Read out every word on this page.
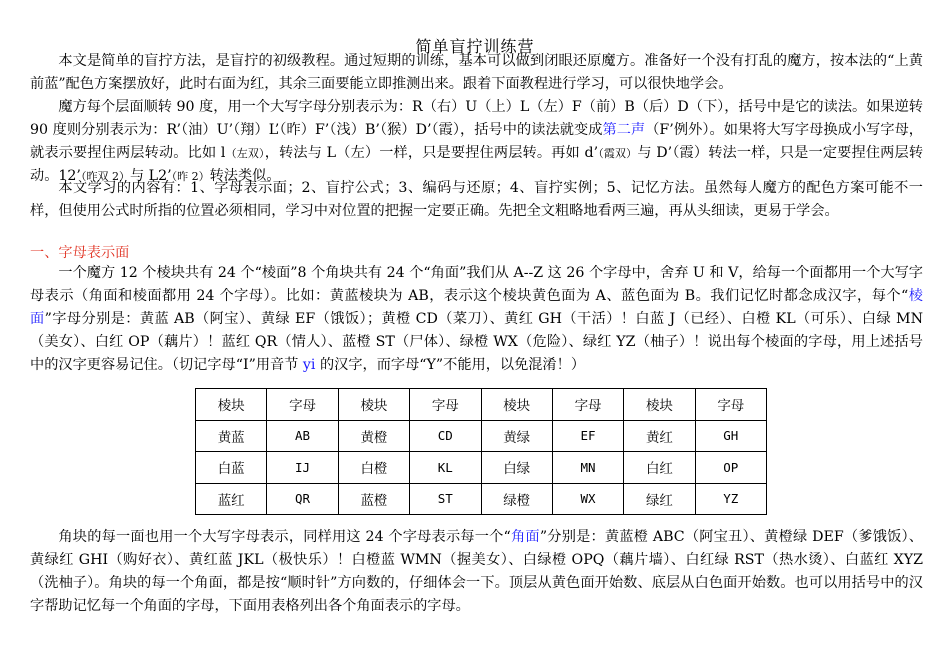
简单盲拧训练营
本文是简单的盲拧方法，是盲拧的初级教程。通过短期的训练，基本可以做到闭眼还原魔方。准备好一个没有打乱的魔方，按本法的“上黄前蓝”配色方案摆放好，此时右面为红，其余三面要能立即推测出来。跟着下面教程进行学习，可以很快地学会。
魔方每个层面顺转 90 度，用一个大写字母分别表示为：R（右）U（上）L（左）F（前）B（后）D（下），括号中是它的读法。如果逆转 90 度则分别表示为：R’（油）U’（翔）L’（昨）F’（浅）B’（猴）D’（霞），括号中的读法就变成第二声（F’例外）。如果将大写字母换成小写字母，就表示要捏住两层转动。比如 l（左双），转法与 L（左）一样，只是要捏住两层转。再如 d’（霞双）与 D’（霞）转法一样，只是一定要捏住两层转动。12’（昨双 2）与 L2’（昨 2）转法类似。
本文学习的内容有：1、字母表示面；2、盲拧公式；3、编码与还原；4、盲拧实例；5、记忆方法。虽然每人魔方的配色方案可能不一样，但使用公式时所指的位置必须相同，学习中对位置的把握一定要正确。先把全文粗略地看两三遍，再从头细读，更易于学会。
一、字母表示面
一个魔方 12 个棱块共有 24 个“棱面”8 个角块共有 24 个“角面”我们从 A--Z 这 26 个字母中，舍弃 U 和 V，给每一个面都用一个大写字母表示（角面和棱面都用 24 个字母）。比如：黄蓝棱块为 AB，表示这个棱块黄色面为 A、蓝色面为 B。我们记忆时都念成汉字，每个“棱面”字母分别是：黄蓝 AB（阿宝）、黄绿 EF（饿饭）；黄橙 CD（菜刀）、黄红 GH（干活）！白蓝 J（已经）、白橙 KL（可乐）、白绿 MN（美女）、白红 OP（藕片）！蓝红 QR（情人）、蓝橙 ST（尸体）、绿橙 WX（危险）、绿红 YZ（柚子）！说出每个棱面的字母，用上述括号中的汉字更容易记住。（切记字母“I”用音节 yi 的汉字，而字母“Y”不能用，以免混淆！）
棱块	字母	棱块	字母	棱块	字母	棱块	字母
黄蓝	AB	黄橙	CD	黄绿	EF	黄红	GH
白蓝	IJ	白橙	KL	白绿	MN	白红	OP
蓝红	QR	蓝橙	ST	绿橙	WX	绿红	YZ
角块的每一面也用一个大写字母表示，同样用这 24 个字母表示每一个“角面”分别是：黄蓝橙 ABC（阿宝丑）、黄橙绿 DEF（爹饿饭）、黄绿红 GHI（购好衣）、黄红蓝 JKL（极快乐）！白橙蓝 WMN（握美女）、白绿橙 OPQ（藕片墙）、白红绿 RST（热水烫）、白蓝红 XYZ（洗柚子）。角块的每一个角面，都是按“顺时针”方向数的，仔细体会一下。顶层从黄色面开始数、底层从白色面开始数。也可以用括号中的汉字帮助记忆每一个角面的字母，下面用表格列出各个角面表示的字母。
